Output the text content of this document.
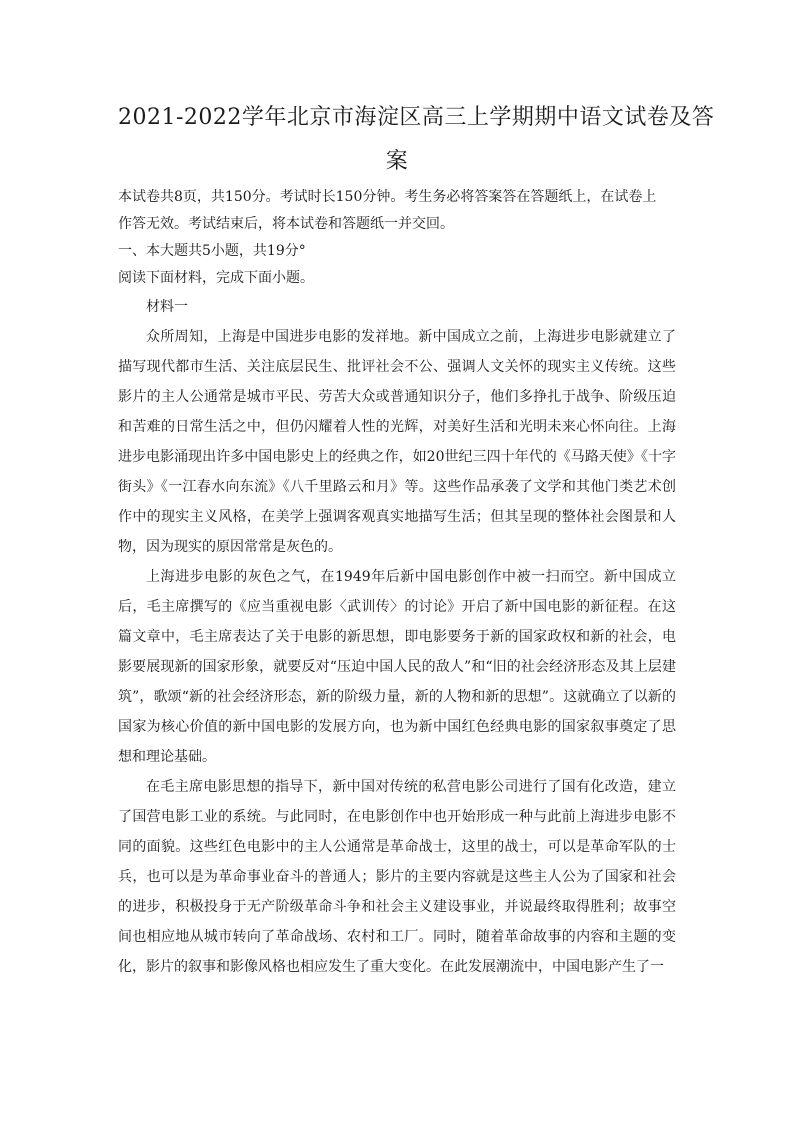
2021-2022学年北京市海淀区高三上学期期中语文试卷及答
案
本试卷共8页，共150分。考试时长150分钟。考生务必将答案答在答题纸上，在试卷上
作答无效。考试结束后，将本试卷和答题纸一并交回。

一、本大题共5小题，共19分°

阅读下面材料，完成下面小题。

材料一

众所周知，上海是中国进步电影的发祥地。新中国成立之前，上海进步电影就建立了描写现代都市生活、关注底层民生、批评社会不公、强调人文关怀的现实主义传统。这些影片的主人公通常是城市平民、劳苦大众或普通知识分子，他们多挣扎于战争、阶级压迫和苦难的日常生活之中，但仍闪耀着人性的光辉，对美好生活和光明未来心怀向往。上海进步电影涌现出许多中国电影史上的经典之作，如20世纪三四十年代的《马路天使》《十字街头》《一江春水向东流》《八千里路云和月》等。这些作品承袭了文学和其他门类艺术创作中的现实主义风格，在美学上强调客观真实地描写生活；但其呈现的整体社会图景和人物，因为现实的原因常常是灰色的。

上海进步电影的灰色之气，在1949年后新中国电影创作中被一扫而空。新中国成立后，毛主席撰写的《应当重视电影〈武训传〉的讨论》开启了新中国电影的新征程。在这篇文章中，毛主席表达了关于电影的新思想，即电影要务于新的国家政权和新的社会，电影要展现新的国家形象，就要反对“压迫中国人民的敌人”和“旧的社会经济形态及其上层建筑”，歌颂“新的社会经济形态，新的阶级力量，新的人物和新的思想”。这就确立了以新的国家为核心价值的新中国电影的发展方向，也为新中国红色经典电影的国家叙事奠定了思想和理论基础。

在毛主席电影思想的指导下，新中国对传统的私营电影公司进行了国有化改造，建立了国营电影工业的系统。与此同时，在电影创作中也开始形成一种与此前上海进步电影不同的面貌。这些红色电影中的主人公通常是革命战士，这里的战士，可以是革命军队的士兵，也可以是为革命事业奋斗的普通人；影片的主要内容就是这些主人公为了国家和社会的进步，积极投身于无产阶级革命斗争和社会主义建设事业，并说最终取得胜利；故事空间也相应地从城市转向了革命战场、农村和工厂。同时，随着革命故事的内容和主题的变化，影片的叙事和影像风格也相应发生了重大变化。在此发展潮流中，中国电影产生了一
